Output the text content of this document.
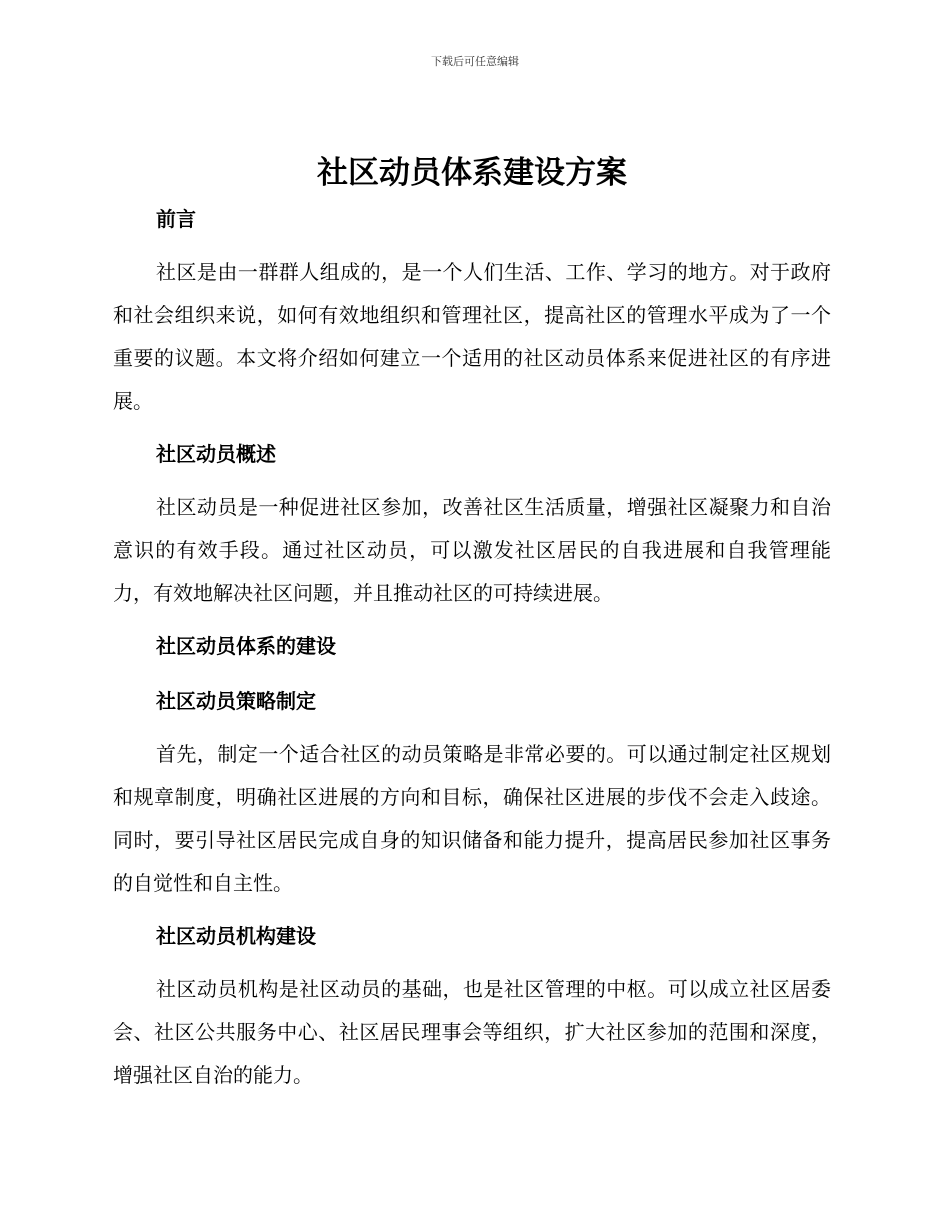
下载后可任意编辑
社区动员体系建设方案
前言

社区是由一群群人组成的，是一个人们生活、工作、学习的地方。对于政府和社会组织来说，如何有效地组织和管理社区，提高社区的管理水平成为了一个重要的议题。本文将介绍如何建立一个适用的社区动员体系来促进社区的有序进展。

社区动员概述

社区动员是一种促进社区参加，改善社区生活质量，增强社区凝聚力和自治意识的有效手段。通过社区动员，可以激发社区居民的自我进展和自我管理能力，有效地解决社区问题，并且推动社区的可持续进展。

社区动员体系的建设
社区动员策略制定

首先，制定一个适合社区的动员策略是非常必要的。可以通过制定社区规划和规章制度，明确社区进展的方向和目标，确保社区进展的步伐不会走入歧途。同时，要引导社区居民完成自身的知识储备和能力提升，提高居民参加社区事务的自觉性和自主性。

社区动员机构建设

社区动员机构是社区动员的基础，也是社区管理的中枢。可以成立社区居委会、社区公共服务中心、社区居民理事会等组织，扩大社区参加的范围和深度，增强社区自治的能力。
